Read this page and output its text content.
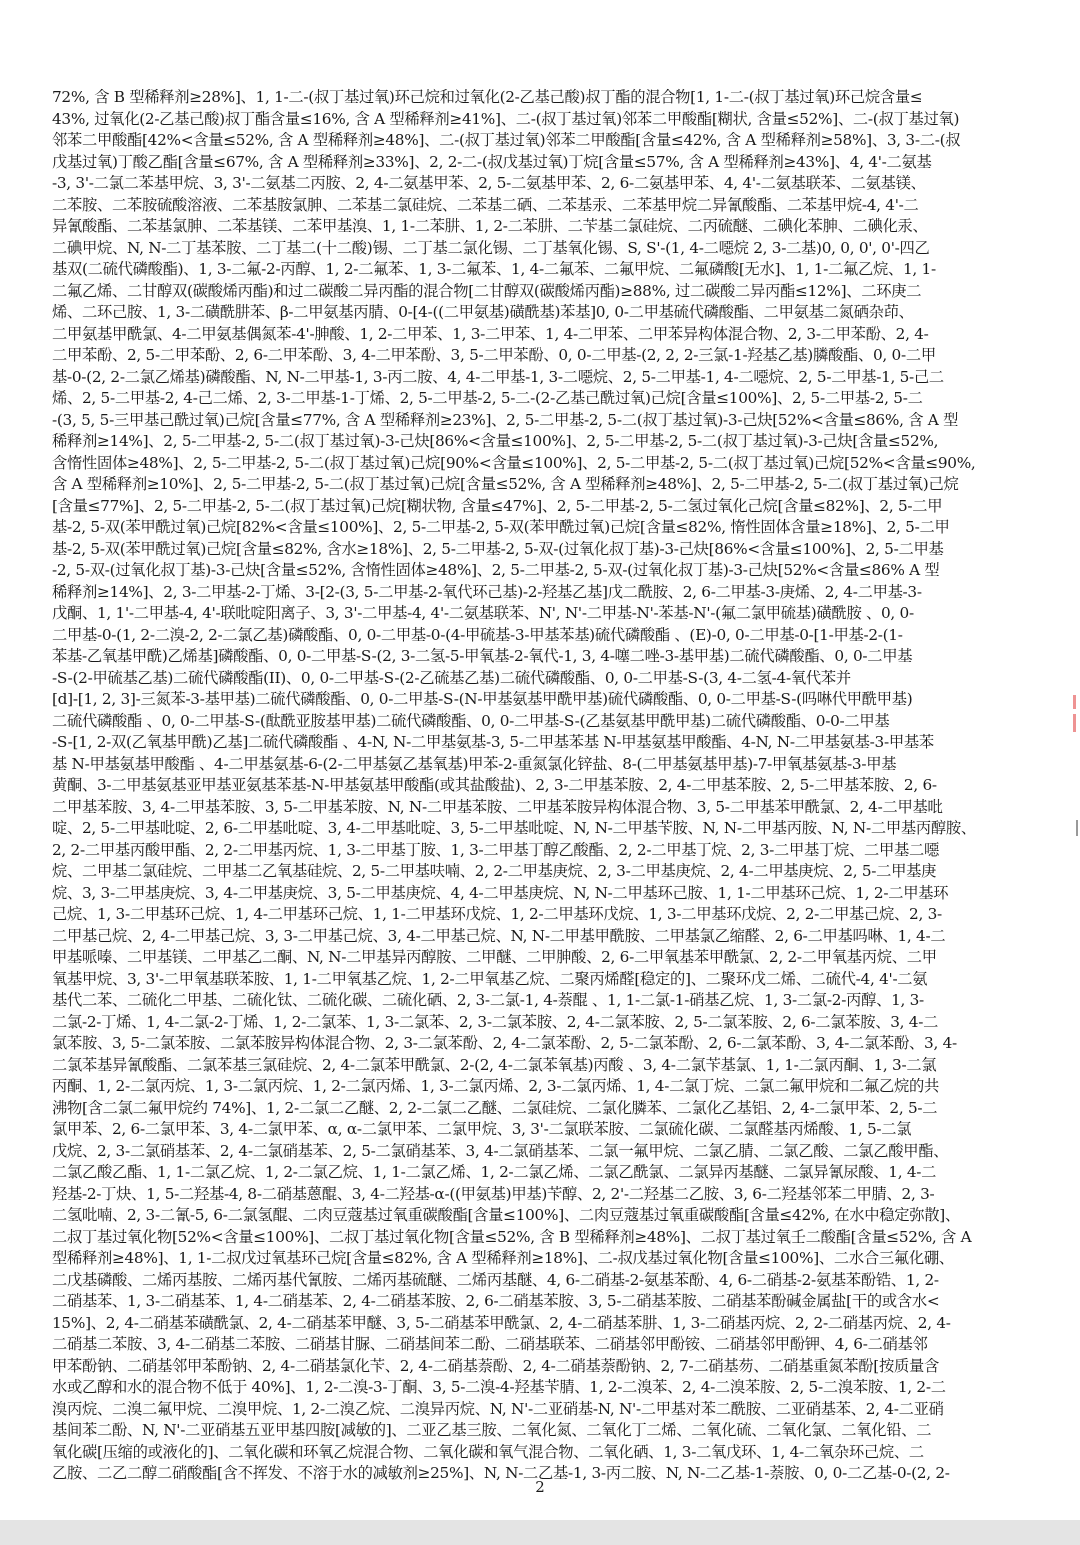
72%, 含 B 型稀释剂≥28%]、1, 1-二-(叔丁基过氧)环己烷和过氧化(2-乙基己酸)叔丁酯的混合物[1, 1-二-(叔丁基过氧)环己烷含量≤
43%, 过氧化(2-乙基己酸)叔丁酯含量≤16%, 含 A 型稀释剂≥41%]、二-(叔丁基过氧)邻苯二甲酸酯[糊状, 含量≤52%]、二-(叔丁基过氧)
邻苯二甲酸酯[42%<含量≤52%, 含 A 型稀释剂≥48%]、二-(叔丁基过氧)邻苯二甲酸酯[含量≤42%, 含 A 型稀释剂≥58%]、3, 3-二-(叔
戊基过氧)丁酸乙酯[含量≤67%, 含 A 型稀释剂≥33%]、2, 2-二-(叔戊基过氧)丁烷[含量≤57%, 含 A 型稀释剂≥43%]、4, 4'-二氨基
-3, 3'-二氯二苯基甲烷、3, 3'-二氨基二丙胺、2, 4-二氨基甲苯、2, 5-二氨基甲苯、2, 6-二氨基甲苯、4, 4'-二氨基联苯、二氨基镁、
二苯胺、二苯胺硫酸溶液、二苯基胺氯胂、二苯基二氯硅烷、二苯基二硒、二苯基汞、二苯基甲烷二异氰酸酯、二苯基甲烷-4, 4'-二
异氰酸酯、二苯基氯胂、二苯基镁、二苯甲基溴、1, 1-二苯肼、1, 2-二苯肼、二苄基二氯硅烷、二丙硫醚、二碘化苯胂、二碘化汞、
二碘甲烷、N, N-二丁基苯胺、二丁基二(十二酸)锡、二丁基二氯化锡、二丁基氧化锡、S, S'-(1, 4-二噁烷 2, 3-二基)0, 0, 0', 0'-四乙
基双(二硫代磷酸酯)、1, 3-二氟-2-丙醇、1, 2-二氟苯、1, 3-二氟苯、1, 4-二氟苯、二氟甲烷、二氟磷酸[无水]、1, 1-二氟乙烷、1, 1-
二氟乙烯、二甘醇双(碳酸烯丙酯)和过二碳酸二异丙酯的混合物[二甘醇双(碳酸烯丙酯)≥88%, 过二碳酸二异丙酯≤12%]、二环庚二
烯、二环己胺、1, 3-二磺酰肼苯、β-二甲氨基丙腈、0-[4-((二甲氨基)磺酰基)苯基]0, 0-二甲基硫代磷酸酯、二甲氨基二氮硒杂茚、
二甲氨基甲酰氯、4-二甲氨基偶氮苯-4'-胂酸、1, 2-二甲苯、1, 3-二甲苯、1, 4-二甲苯、二甲苯异构体混合物、2, 3-二甲苯酚、2, 4-
二甲苯酚、2, 5-二甲苯酚、2, 6-二甲苯酚、3, 4-二甲苯酚、3, 5-二甲苯酚、0, 0-二甲基-(2, 2, 2-三氯-1-羟基乙基)膦酸酯、0, 0-二甲
基-0-(2, 2-二氯乙烯基)磷酸酯、N, N-二甲基-1, 3-丙二胺、4, 4-二甲基-1, 3-二噁烷、2, 5-二甲基-1, 4-二噁烷、2, 5-二甲基-1, 5-己二
烯、2, 5-二甲基-2, 4-己二烯、2, 3-二甲基-1-丁烯、2, 5-二甲基-2, 5-二-(2-乙基己酰过氧)己烷[含量≤100%]、2, 5-二甲基-2, 5-二
-(3, 5, 5-三甲基己酰过氧)己烷[含量≤77%, 含 A 型稀释剂≥23%]、2, 5-二甲基-2, 5-二(叔丁基过氧)-3-己炔[52%<含量≤86%, 含 A 型
稀释剂≥14%]、2, 5-二甲基-2, 5-二(叔丁基过氧)-3-己炔[86%<含量≤100%]、2, 5-二甲基-2, 5-二(叔丁基过氧)-3-己炔[含量≤52%,
含惰性固体≥48%]、2, 5-二甲基-2, 5-二(叔丁基过氧)己烷[90%<含量≤100%]、2, 5-二甲基-2, 5-二(叔丁基过氧)己烷[52%<含量≤90%,
含 A 型稀释剂≥10%]、2, 5-二甲基-2, 5-二(叔丁基过氧)己烷[含量≤52%, 含 A 型稀释剂≥48%]、2, 5-二甲基-2, 5-二(叔丁基过氧)己烷
[含量≤77%]、2, 5-二甲基-2, 5-二(叔丁基过氧)己烷[糊状物, 含量≤47%]、2, 5-二甲基-2, 5-二氢过氧化己烷[含量≤82%]、2, 5-二甲
基-2, 5-双(苯甲酰过氧)己烷[82%<含量≤100%]、2, 5-二甲基-2, 5-双(苯甲酰过氧)己烷[含量≤82%, 惰性固体含量≥18%]、2, 5-二甲
基-2, 5-双(苯甲酰过氧)己烷[含量≤82%, 含水≥18%]、2, 5-二甲基-2, 5-双-(过氧化叔丁基)-3-己炔[86%<含量≤100%]、2, 5-二甲基
-2, 5-双-(过氧化叔丁基)-3-己炔[含量≤52%, 含惰性固体≥48%]、2, 5-二甲基-2, 5-双-(过氧化叔丁基)-3-己炔[52%<含量≤86% A 型
稀释剂≥14%]、2, 3-二甲基-2-丁烯、3-[2-(3, 5-二甲基-2-氧代环己基)-2-羟基乙基]戊二酰胺、2, 6-二甲基-3-庚烯、2, 4-二甲基-3-
戊酮、1, 1'-二甲基-4, 4'-联吡啶阳离子、3, 3'-二甲基-4, 4'-二氨基联苯、N', N'-二甲基-N'-苯基-N'-(氟二氯甲硫基)磺酰胺 、0, 0-
二甲基-0-(1, 2-二溴-2, 2-二氯乙基)磷酸酯、0, 0-二甲基-0-(4-甲硫基-3-甲基苯基)硫代磷酸酯 、(E)-0, 0-二甲基-0-[1-甲基-2-(1-
苯基-乙氧基甲酰)乙烯基]磷酸酯、0, 0-二甲基-S-(2, 3-二氢-5-甲氧基-2-氧代-1, 3, 4-噻二唑-3-基甲基)二硫代磷酸酯、0, 0-二甲基
-S-(2-甲硫基乙基)二硫代磷酸酯(II)、0, 0-二甲基-S-(2-乙硫基乙基)二硫代磷酸酯、0, 0-二甲基-S-(3, 4-二氢-4-氧代苯并
[d]-[1, 2, 3]-三氮苯-3-基甲基)二硫代磷酸酯、0, 0-二甲基-S-(N-甲基氨基甲酰甲基)硫代磷酸酯、0, 0-二甲基-S-(吗啉代甲酰甲基)
二硫代磷酸酯 、0, 0-二甲基-S-(酞酰亚胺基甲基)二硫代磷酸酯、0, 0-二甲基-S-(乙基氨基甲酰甲基)二硫代磷酸酯、0-0-二甲基
-S-[1, 2-双(乙氧基甲酰)乙基]二硫代磷酸酯 、4-N, N-二甲基氨基-3, 5-二甲基苯基 N-甲基氨基甲酸酯、4-N, N-二甲基氨基-3-甲基苯
基 N-甲基氨基甲酸酯 、4-二甲基氨基-6-(2-二甲基氨乙基氧基)甲苯-2-重氮氯化锌盐、8-(二甲基氨基甲基)-7-甲氧基氨基-3-甲基
黄酮、3-二甲基氨基亚甲基亚氨基苯基-N-甲基氨基甲酸酯(或其盐酸盐)、2, 3-二甲基苯胺、2, 4-二甲基苯胺、2, 5-二甲基苯胺、2, 6-
二甲基苯胺、3, 4-二甲基苯胺、3, 5-二甲基苯胺、N, N-二甲基苯胺、二甲基苯胺异构体混合物、3, 5-二甲基苯甲酰氯、2, 4-二甲基吡
啶、2, 5-二甲基吡啶、2, 6-二甲基吡啶、3, 4-二甲基吡啶、3, 5-二甲基吡啶、N, N-二甲基苄胺、N, N-二甲基丙胺、N, N-二甲基丙醇胺、
2, 2-二甲基丙酸甲酯、2, 2-二甲基丙烷、1, 3-二甲基丁胺、1, 3-二甲基丁醇乙酸酯、2, 2-二甲基丁烷、2, 3-二甲基丁烷、二甲基二噁
烷、二甲基二氯硅烷、二甲基二乙氧基硅烷、2, 5-二甲基呋喃、2, 2-二甲基庚烷、2, 3-二甲基庚烷、2, 4-二甲基庚烷、2, 5-二甲基庚
烷、3, 3-二甲基庚烷、3, 4-二甲基庚烷、3, 5-二甲基庚烷、4, 4-二甲基庚烷、N, N-二甲基环己胺、1, 1-二甲基环己烷、1, 2-二甲基环
己烷、1, 3-二甲基环己烷、1, 4-二甲基环己烷、1, 1-二甲基环戊烷、1, 2-二甲基环戊烷、1, 3-二甲基环戊烷、2, 2-二甲基己烷、2, 3-
二甲基己烷、2, 4-二甲基己烷、3, 3-二甲基己烷、3, 4-二甲基己烷、N, N-二甲基甲酰胺、二甲基氯乙缩醛、2, 6-二甲基吗啉、1, 4-二
甲基哌嗪、二甲基镁、二甲基乙二酮、N, N-二甲基异丙醇胺、二甲醚、二甲胂酸、2, 6-二甲氧基苯甲酰氯、2, 2-二甲氧基丙烷、二甲
氧基甲烷、3, 3'-二甲氧基联苯胺、1, 1-二甲氧基乙烷、1, 2-二甲氧基乙烷、二聚丙烯醛[稳定的]、二聚环戊二烯、二硫代-4, 4'-二氨
基代二苯、二硫化二甲基、二硫化钛、二硫化碳、二硫化硒、2, 3-二氯-1, 4-萘醌 、1, 1-二氯-1-硝基乙烷、1, 3-二氯-2-丙醇、1, 3-
二氯-2-丁烯、1, 4-二氯-2-丁烯、1, 2-二氯苯、1, 3-二氯苯、2, 3-二氯苯胺、2, 4-二氯苯胺、2, 5-二氯苯胺、2, 6-二氯苯胺、3, 4-二
氯苯胺、3, 5-二氯苯胺、二氯苯胺异构体混合物、2, 3-二氯苯酚、2, 4-二氯苯酚、2, 5-二氯苯酚、2, 6-二氯苯酚、3, 4-二氯苯酚、3, 4-
二氯苯基异氰酸酯、二氯苯基三氯硅烷、2, 4-二氯苯甲酰氯、2-(2, 4-二氯苯氧基)丙酸 、3, 4-二氯苄基氯、1, 1-二氯丙酮、1, 3-二氯
丙酮、1, 2-二氯丙烷、1, 3-二氯丙烷、1, 2-二氯丙烯、1, 3-二氯丙烯、2, 3-二氯丙烯、1, 4-二氯丁烷、二氯二氟甲烷和二氟乙烷的共
沸物[含二氯二氟甲烷约 74%]、1, 2-二氯二乙醚、2, 2-二氯二乙醚、二氯硅烷、二氯化膦苯、二氯化乙基铝、2, 4-二氯甲苯、2, 5-二
氯甲苯、2, 6-二氯甲苯、3, 4-二氯甲苯、α, α-二氯甲苯、二氯甲烷、3, 3'-二氯联苯胺、二氯硫化碳、二氯醛基丙烯酸、1, 5-二氯
戊烷、2, 3-二氯硝基苯、2, 4-二氯硝基苯、2, 5-二氯硝基苯、3, 4-二氯硝基苯、二氯一氟甲烷、二氯乙腈、二氯乙酸、二氯乙酸甲酯、
二氯乙酸乙酯、1, 1-二氯乙烷、1, 2-二氯乙烷、1, 1-二氯乙烯、1, 2-二氯乙烯、二氯乙酰氯、二氯异丙基醚、二氯异氰尿酸、1, 4-二
羟基-2-丁炔、1, 5-二羟基-4, 8-二硝基蒽醌、3, 4-二羟基-α-((甲氨基)甲基)苄醇、2, 2'-二羟基二乙胺、3, 6-二羟基邻苯二甲腈、2, 3-
二氢吡喃、2, 3-二氰-5, 6-二氯氢醌、二肉豆蔻基过氧重碳酸酯[含量≤100%]、二肉豆蔻基过氧重碳酸酯[含量≤42%, 在水中稳定弥散]、
二叔丁基过氧化物[52%<含量≤100%]、二叔丁基过氧化物[含量≤52%, 含 B 型稀释剂≥48%]、二叔丁基过氧壬二酸酯[含量≤52%, 含 A
型稀释剂≥48%]、1, 1-二叔戊过氧基环己烷[含量≤82%, 含 A 型稀释剂≥18%]、二-叔戊基过氧化物[含量≤100%]、二水合三氟化硼、
二戊基磷酸、二烯丙基胺、二烯丙基代氰胺、二烯丙基硫醚、二烯丙基醚、4, 6-二硝基-2-氨基苯酚、4, 6-二硝基-2-氨基苯酚锆、1, 2-
二硝基苯、1, 3-二硝基苯、1, 4-二硝基苯、2, 4-二硝基苯胺、2, 6-二硝基苯胺、3, 5-二硝基苯胺、二硝基苯酚碱金属盐[干的或含水<
15%]、2, 4-二硝基苯磺酰氯、2, 4-二硝基苯甲醚、3, 5-二硝基苯甲酰氯、2, 4-二硝基苯肼、1, 3-二硝基丙烷、2, 2-二硝基丙烷、2, 4-
二硝基二苯胺、3, 4-二硝基二苯胺、二硝基甘脲、二硝基间苯二酚、二硝基联苯、二硝基邻甲酚铵、二硝基邻甲酚钾、4, 6-二硝基邻
甲苯酚钠、二硝基邻甲苯酚钠、2, 4-二硝基氯化苄、2, 4-二硝基萘酚、2, 4-二硝基萘酚钠、2, 7-二硝基芴、二硝基重氮苯酚[按质量含
水或乙醇和水的混合物不低于 40%]、1, 2-二溴-3-丁酮、3, 5-二溴-4-羟基苄腈、1, 2-二溴苯、2, 4-二溴苯胺、2, 5-二溴苯胺、1, 2-二
溴丙烷、二溴二氟甲烷、二溴甲烷、1, 2-二溴乙烷、二溴异丙烷、N, N'-二亚硝基-N, N'-二甲基对苯二酰胺、二亚硝基苯、2, 4-二亚硝
基间苯二酚、N, N'-二亚硝基五亚甲基四胺[减敏的]、二亚乙基三胺、二氧化氮、二氧化丁二烯、二氧化硫、二氧化氯、二氧化铅、二
氧化碳[压缩的或液化的]、二氧化碳和环氧乙烷混合物、二氧化碳和氧气混合物、二氧化硒、1, 3-二氧戊环、1, 4-二氧杂环己烷、二
乙胺、二乙二醇二硝酸酯[含不挥发、不溶于水的减敏剂≥25%]、N, N-二乙基-1, 3-丙二胺、N, N-二乙基-1-萘胺、0, 0-二乙基-0-(2, 2-
2
